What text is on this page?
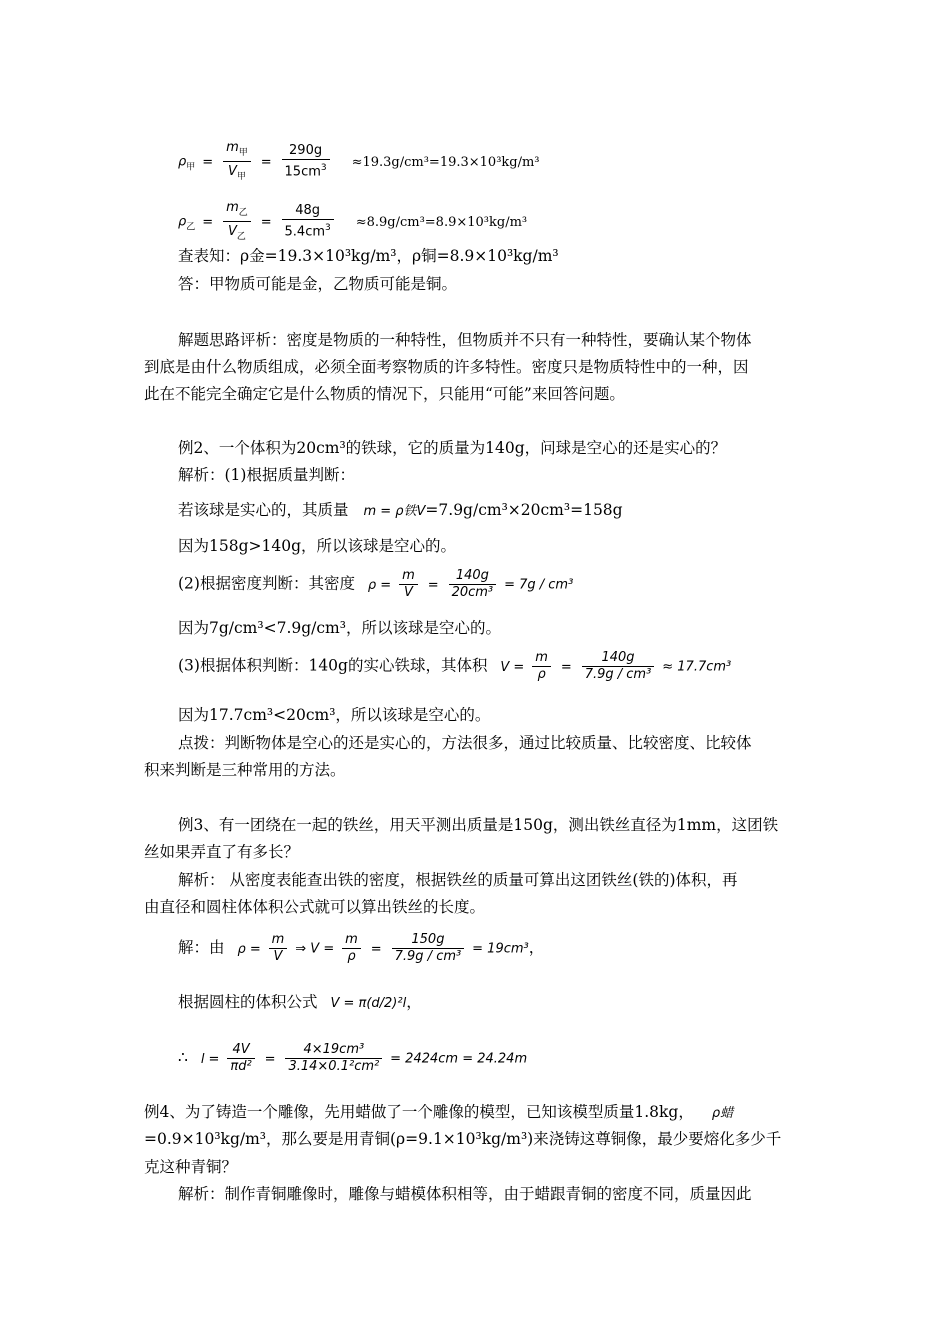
$\rho_甲 = \frac{m_甲}{V_甲} = \frac{290g}{15cm^3} \approx 19.3g/cm^3=19.3\times 10^3kg/m^3$
$\rho_乙 = \frac{m_乙}{V_乙} = \frac{48g}{5.4cm^3} \approx 8.9g/cm^3=8.9\times 10^3kg/m^3$
查表知：ρ金=19.3×10³kg/m³，ρ铜=8.9×10³kg/m³
答：甲物质可能是金，乙物质可能是铜。
解题思路评析：密度是物质的一种特性，但物质并不只有一种特性，要确认某个物体
到底是由什么物质组成，必须全面考察物质的许多特性。密度只是物质特性中的一种，因
此在不能完全确定它是什么物质的情况下，只能用“可能”来回答问题。
例2、一个体积为20cm³的铁球，它的质量为140g，问球是空心的还是实心的？
解析：(1)根据质量判断：
若该球是实心的，其质量 m = ρ铁V=7.9g/cm³×20cm³=158g
因为158g>140g，所以该球是空心的。
(2)根据密度判断：其密度 $\rho = \frac{m}{V} = \frac{140g}{\text{20cm³}} = 7g / cm^3$
因为7g/cm³<7.9g/cm³，所以该球是空心的。
(3)根据体积判断：140g的实心铁球，其体积 $V = \frac{m}{\rho} = \frac{140g}{\text{7.9g / cm³}} \approx 17.7cm^3$
因为17.7cm³<20cm³，所以该球是空心的。
点拨：判断物体是空心的还是实心的，方法很多，通过比较质量、比较密度、比较体
积来判断是三种常用的方法。
例3、有一团绕在一起的铁丝，用天平测出质量是150g，测出铁丝直径为1mm，这团铁
丝如果弄直了有多长？
解析： 从密度表能查出铁的密度，根据铁丝的质量可算出这团铁丝(铁的)体积，再
由直径和圆柱体体积公式就可以算出铁丝的长度。
解：由 $\rho = \frac{m}{V}$ ⇒ $V = \frac{m}{\rho} = \frac{150g}{\text{7.9g / cm³}} = 19cm^3$，
根据圆柱的体积公式 V = π(d/2)²l，
∴ $l = \frac{4V}{\text{πd²}} = \frac{\text{4×19cm³}}{\text{3.14×0.1²cm²}} = 2424cm = 24.24m$
例4、为了铸造一个雕像，先用蜡做了一个雕像的模型，已知该模型质量1.8kg， ρ蜡
=0.9×10³kg/m³，那么要是用青铜(ρ=9.1×10³kg/m³)来浇铸这尊铜像，最少要熔化多少千
克这种青铜？
解析：制作青铜雕像时，雕像与蜡模体积相等，由于蜡跟青铜的密度不同，质量因此
